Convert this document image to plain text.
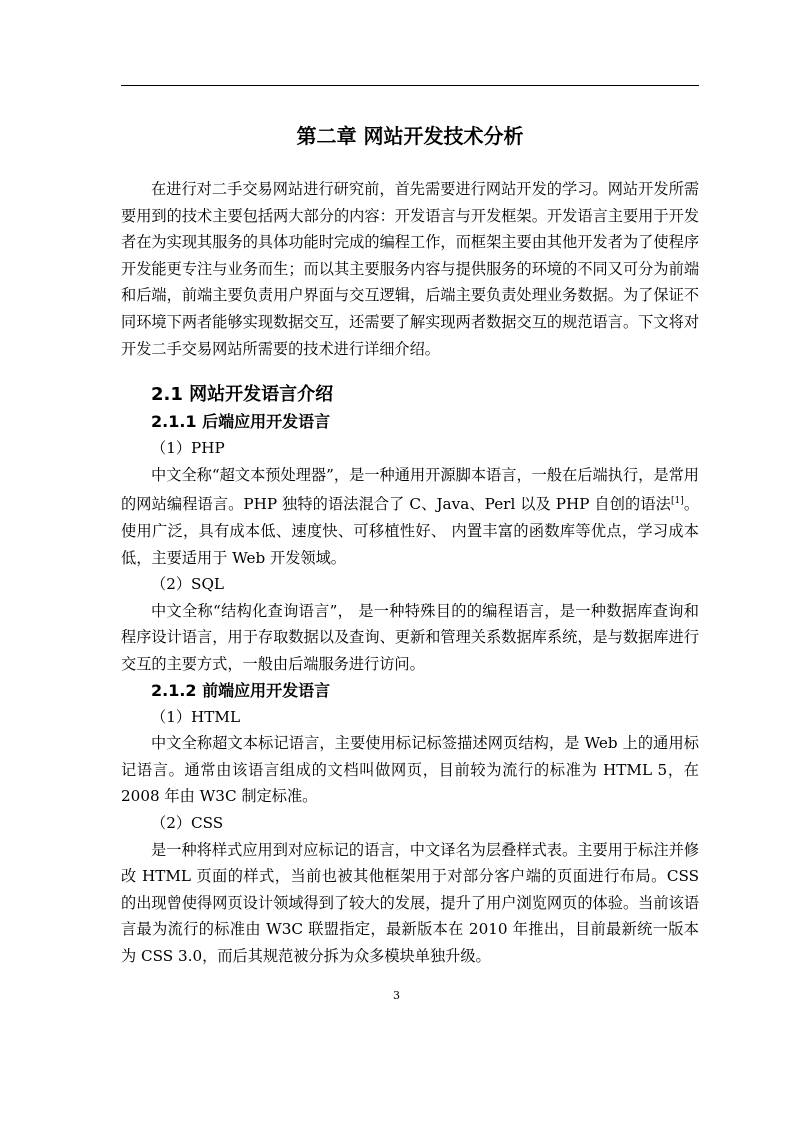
第二章 网站开发技术分析

在进行对二手交易网站进行研究前，首先需要进行网站开发的学习。网站开发所需要用到的技术主要包括两大部分的内容：开发语言与开发框架。开发语言主要用于开发者在为实现其服务的具体功能时完成的编程工作，而框架主要由其他开发者为了使程序开发能更专注与业务而生；而以其主要服务内容与提供服务的环境的不同又可分为前端和后端，前端主要负责用户界面与交互逻辑，后端主要负责处理业务数据。为了保证不同环境下两者能够实现数据交互，还需要了解实现两者数据交互的规范语言。下文将对开发二手交易网站所需要的技术进行详细介绍。

2.1 网站开发语言介绍
2.1.1 后端应用开发语言

（1）PHP

中文全称“超文本预处理器”，是一种通用开源脚本语言，一般在后端执行，是常用的网站编程语言。PHP 独特的语法混合了 C、Java、Perl 以及 PHP 自创的语法[1]。使用广泛，具有成本低、速度快、可移植性好、 内置丰富的函数库等优点，学习成本低，主要适用于 Web 开发领域。

（2）SQL

中文全称“结构化查询语言”， 是一种特殊目的的编程语言，是一种数据库查询和程序设计语言，用于存取数据以及查询、更新和管理关系数据库系统，是与数据库进行交互的主要方式，一般由后端服务进行访问。

2.1.2 前端应用开发语言

（1）HTML

中文全称超文本标记语言，主要使用标记标签描述网页结构，是 Web 上的通用标记语言。通常由该语言组成的文档叫做网页，目前较为流行的标准为 HTML 5，在 2008 年由 W3C 制定标准。

（2）CSS

是一种将样式应用到对应标记的语言，中文译名为层叠样式表。主要用于标注并修改 HTML 页面的样式，当前也被其他框架用于对部分客户端的页面进行布局。CSS 的出现曾使得网页设计领域得到了较大的发展，提升了用户浏览网页的体验。当前该语言最为流行的标准由 W3C 联盟指定，最新版本在 2010 年推出，目前最新统一版本为 CSS 3.0，而后其规范被分拆为众多模块单独升级。

3
